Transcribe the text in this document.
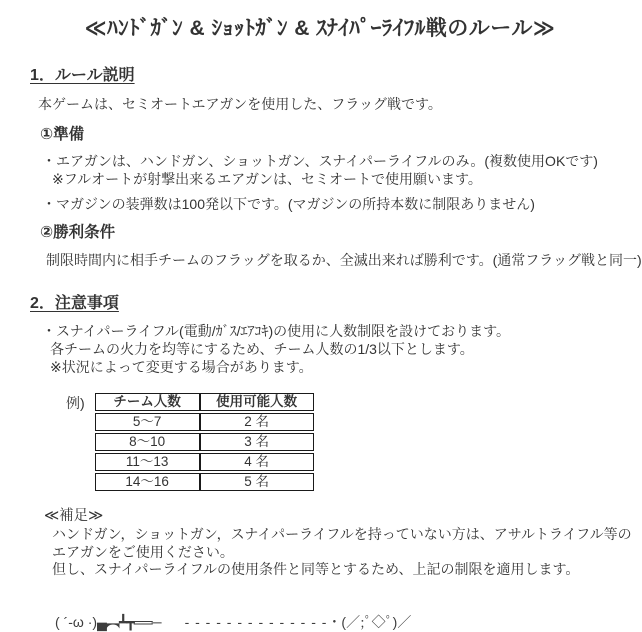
≪ﾊﾝﾄﾞｶﾞﾝ & ｼｮｯﾄｶﾞﾝ & ｽﾅｲﾊﾟｰﾗｲﾌﾙ戦のルール≫
1．ルール説明
本ゲームは、セミオートエアガンを使用した、フラッグ戦です。
①準備
・エアガンは、ハンドガン、ショットガン、スナイパーライフルのみ。(複数使用OKです)
※フルオートが射撃出来るエアガンは、セミオートで使用願います。
・マガジンの装弾数は100発以下です。(マガジンの所持本数に制限ありません)
②勝利条件
制限時間内に相手チームのフラッグを取るか、全滅出来れば勝利です。(通常フラッグ戦と同一)
2．注意事項
・スナイパーライフル(電動/ｶﾞｽ/ｴｱｺｷ)の使用に人数制限を設けております。
各チームの火力を均等にするため、チーム人数の1/3以下とします。
※状況によって変更する場合があります。
例) チーム人数	使用可能人数
5〜7	2 名
8〜10	3 名
11〜13	4 名
14〜16	5 名
≪補足≫
ハンドガン，ショットガン，スナイパーライフルを持っていない方は、アサルトライフル等の
エアガンをご使用ください。
但し、スナイパーライフルの使用条件と同等とするため、上記の制限を適用します。
( ´-ω ·)▄︻┻┳══─ - - - - - - - - - - - - - -・(／;ﾟ◇ﾟ)／
